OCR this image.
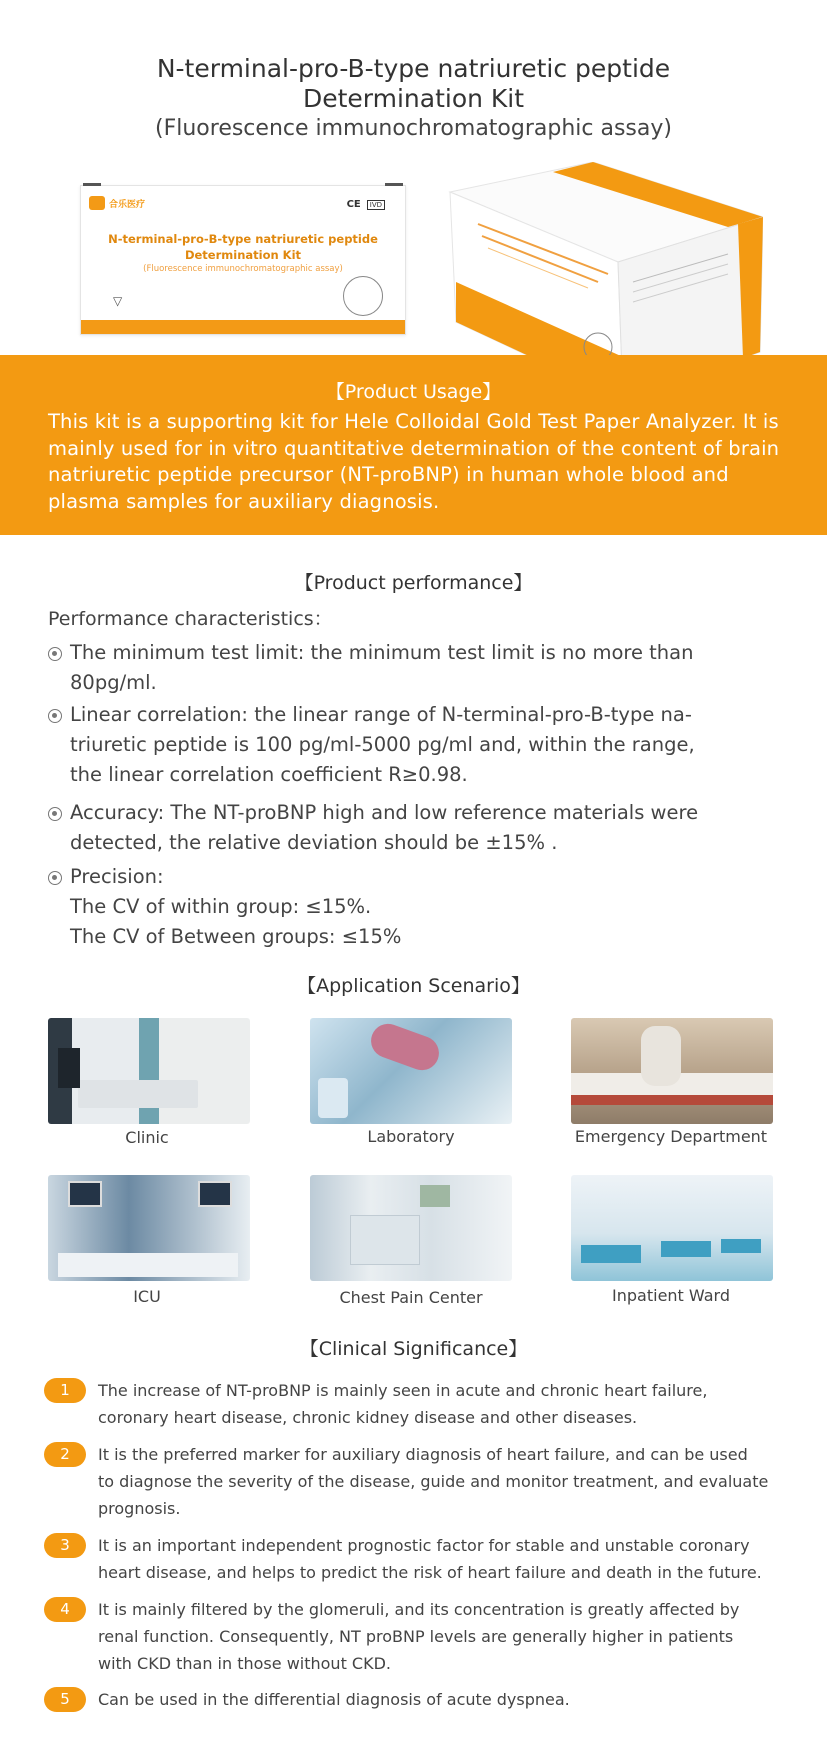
N-terminal-pro-B-type natriuretic peptide
Determination Kit
(Fluorescence immunochromatographic assay)
合乐医疗	CE	IVD
N-terminal-pro-B-type natriuretic peptide
Determination Kit
(Fluorescence immunochromatographic assay)
▽
【Product Usage】
This kit is a supporting kit for Hele Colloidal Gold Test Paper Analyzer. It is mainly used for in vitro quantitative determination of the content of brain natriuretic peptide precursor (NT-proBNP) in human whole blood and plasma samples for auxiliary diagnosis.
【Product performance】
Performance characteristics：
The minimum test limit: the minimum test limit is no more than
80pg/ml.
Linear correlation: the linear range of N-terminal-pro-B-type na-
triuretic peptide is 100 pg/ml-5000 pg/ml and, within the range,
the linear correlation coefficient R≥0.98.
Accuracy: The NT-proBNP high and low reference materials were
detected, the relative deviation should be ±15% .
Precision:
The CV of within group: ≤15%.
The CV of Between groups: ≤15%
【Application Scenario】
Clinic	Laboratory	Emergency Department
ICU	Chest Pain Center	Inpatient Ward
【Clinical Significance】
1	The increase of NT-proBNP is mainly seen in acute and chronic heart failure,
coronary heart disease, chronic kidney disease and other diseases.
2	It is the preferred marker for auxiliary diagnosis of heart failure, and can be used
to diagnose the severity of the disease, guide and monitor treatment, and evaluate
prognosis.
3	It is an important independent prognostic factor for stable and unstable coronary
heart disease, and helps to predict the risk of heart failure and death in the future.
4	It is mainly filtered by the glomeruli, and its concentration is greatly affected by
renal function. Consequently, NT proBNP levels are generally higher in patients
with CKD than in those without CKD.
5	Can be used in the differential diagnosis of acute dyspnea.
